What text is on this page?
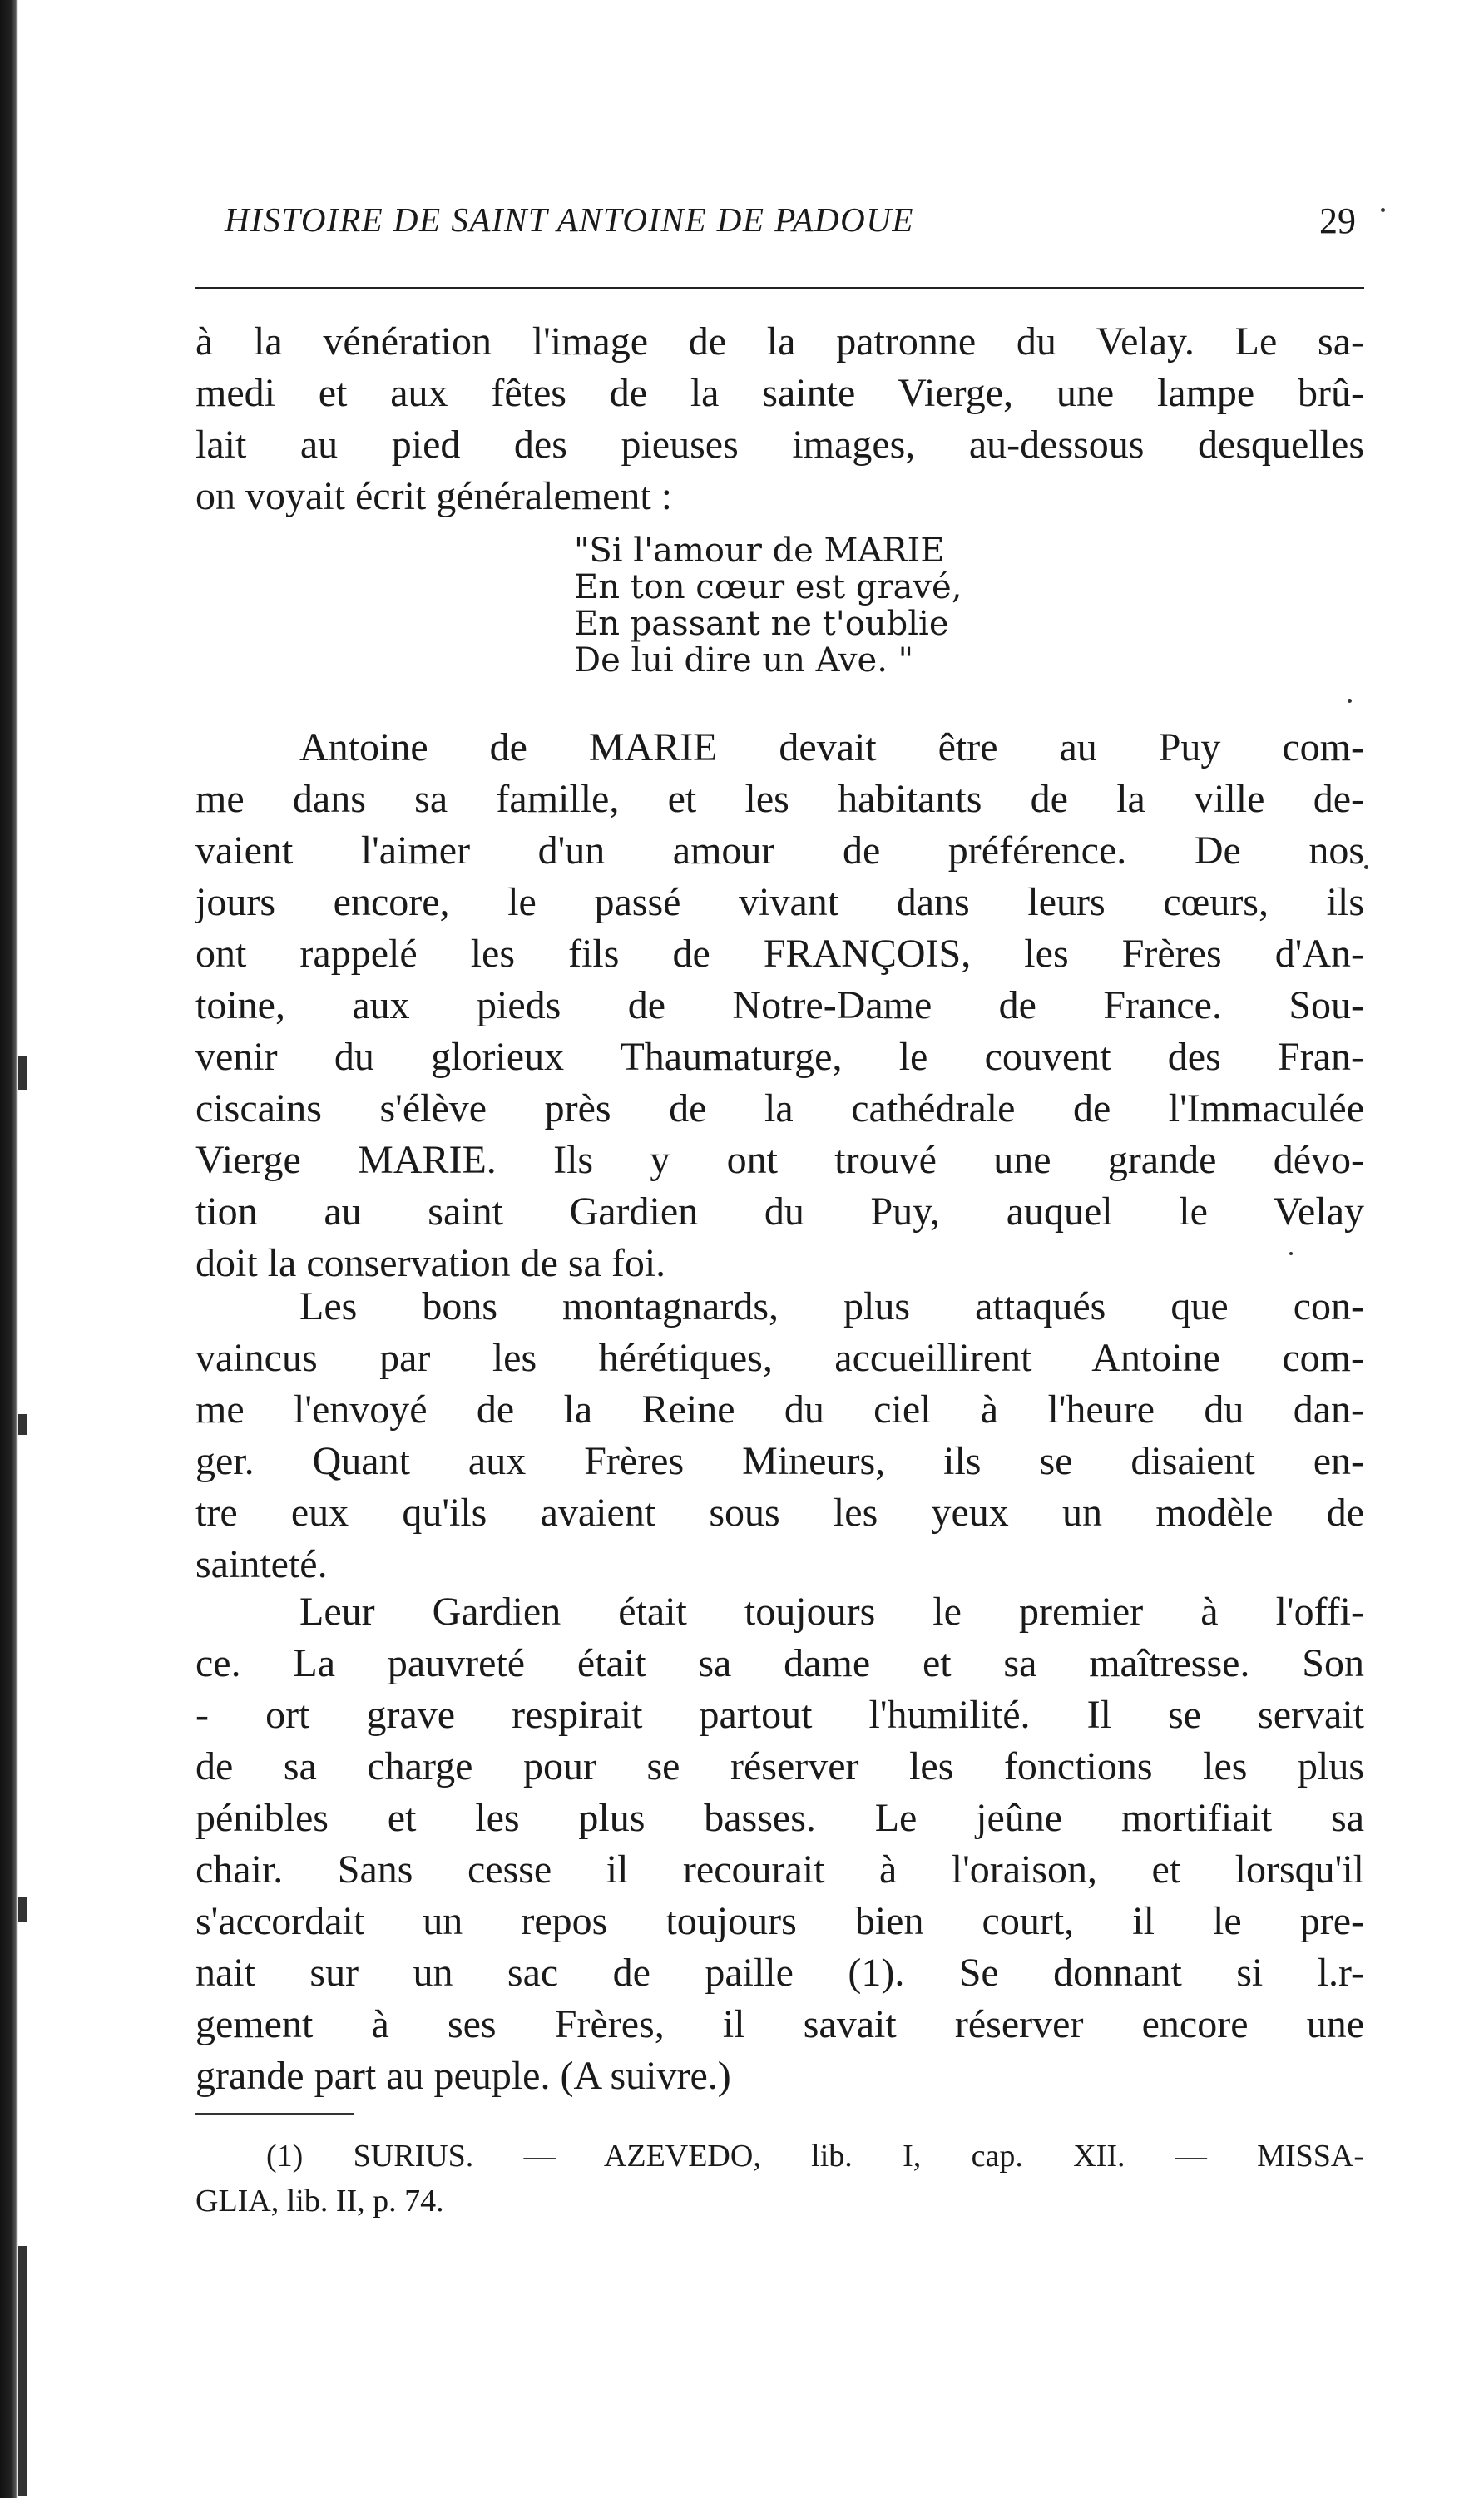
HISTOIRE DE SAINT ANTOINE DE PADOUE	29
à la vénération l'image de la patronne du Velay. Le sa-
medi et aux fêtes de la sainte Vierge, une lampe brû-
lait au pied des pieuses images, au-dessous desquelles
on voyait écrit généralement :
"Si l'amour de MARIE
En ton cœur est gravé,
En passant ne t'oublie
De lui dire un Ave. "
Antoine de MARIE devait être au Puy com-
me dans sa famille, et les habitants de la ville de-
vaient l'aimer d'un amour de préférence. De nos
jours encore, le passé vivant dans leurs cœurs, ils
ont rappelé les fils de FRANÇOIS, les Frères d'An-
toine, aux pieds de Notre-Dame de France. Sou-
venir du glorieux Thaumaturge, le couvent des Fran-
ciscains s'élève près de la cathédrale de l'Immaculée
Vierge MARIE. Ils y ont trouvé une grande dévo-
tion au saint Gardien du Puy, auquel le Velay
doit la conservation de sa foi.
Les bons montagnards, plus attaqués que con-
vaincus par les hérétiques, accueillirent Antoine com-
me l'envoyé de la Reine du ciel à l'heure du dan-
ger. Quant aux Frères Mineurs, ils se disaient en-
tre eux qu'ils avaient sous les yeux un modèle de
sainteté.
Leur Gardien était toujours le premier à l'offi-
ce. La pauvreté était sa dame et sa maîtresse. Son
- ort grave respirait partout l'humilité. Il se servait
de sa charge pour se réserver les fonctions les plus
pénibles et les plus basses. Le jeûne mortifiait sa
chair. Sans cesse il recourait à l'oraison, et lorsqu'il
s'accordait un repos toujours bien court, il le pre-
nait sur un sac de paille (1). Se donnant si l.r-
gement à ses Frères, il savait réserver encore une
grande part au peuple. (A suivre.)
(1) SURIUS. — AZEVEDO, lib. I, cap. XII. — MISSA-
GLIA, lib. II, p. 74.
